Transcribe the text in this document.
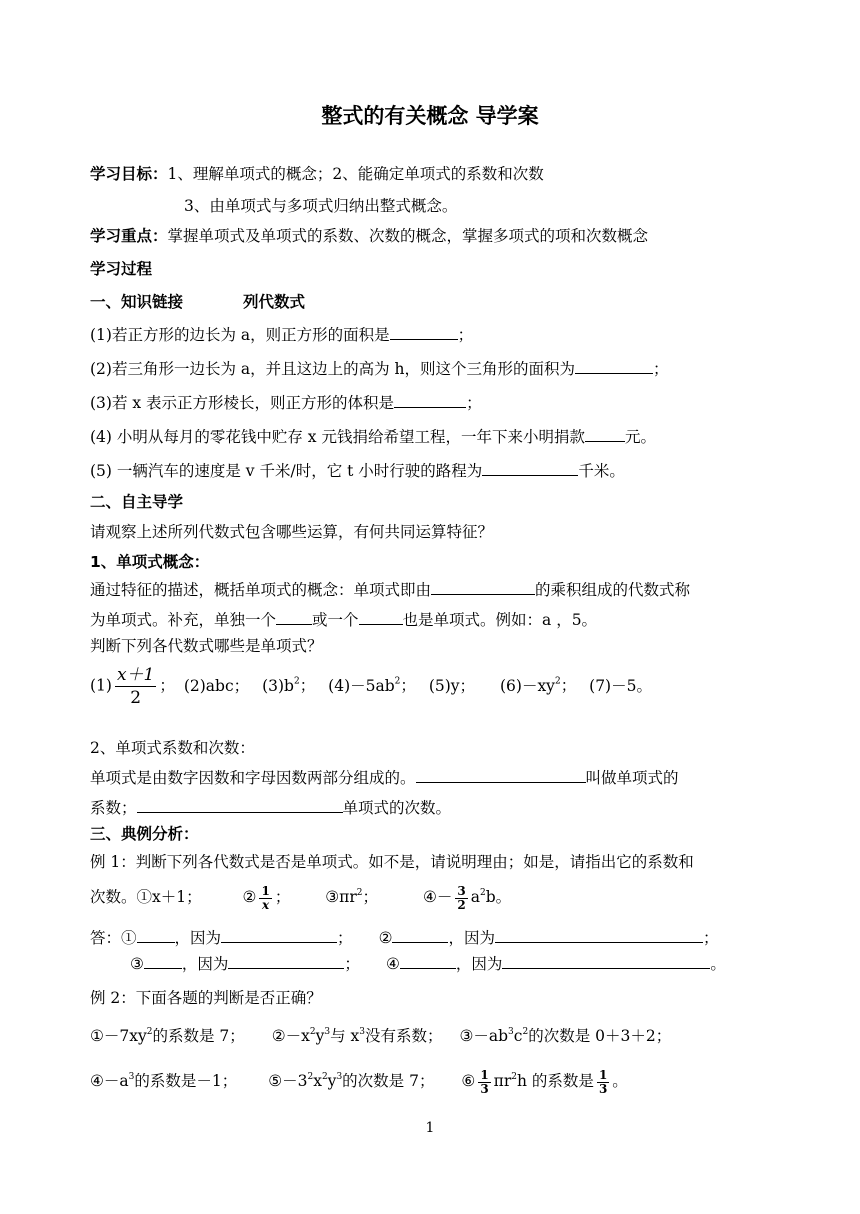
整式的有关概念 导学案
学习目标：1、理解单项式的概念；2、能确定单项式的系数和次数
3、由单项式与多项式归纳出整式概念。
学习重点：掌握单项式及单项式的系数、次数的概念，掌握多项式的项和次数概念
学习过程
一、知识链接	列代数式
(1)若正方形的边长为 a，则正方形的面积是	；
(2)若三角形一边长为 a，并且这边上的高为 h，则这个三角形的面积为	；
(3)若 x 表示正方形棱长，则正方形的体积是	；
(4) 小明从每月的零花钱中贮存 x 元钱捐给希望工程，一年下来小明捐款	元。
(5) 一辆汽车的速度是 v 千米/时，它 t 小时行驶的路程为	千米。
二、自主导学
请观察上述所列代数式包含哪些运算，有何共同运算特征？
1、单项式概念：
通过特征的描述，概括单项式的概念：单项式即由	的乘积组成的代数式称
为单项式。补充，单独一个 或一个	也是单项式。例如：a ，5。
判断下列各代数式哪些是单项式？
$(1) \frac{x+1}{2}$ ； (2)abc； $(3)b^2$； $(4)-5ab^2$； (5)y； $(6)-xy^2$； (7)－5。
2、单项式系数和次数：
单项式是由数字因数和字母因数两部分组成的。	叫做单项式的
系数；	单项式的次数。
三、典例分析：
例 1：判断下列各代数式是否是单项式。如不是，请说明理由；如是，请指出它的系数和
次数。①x＋1；	② $\frac{1}{x}$ ； $③\pi r^2$；	④－ $\frac{3}{2} a^2b$。
答：① ，因为	； ②	，因为	；
③ ，因为	； ④	，因为	。
例 2：下面各题的判断是否正确？
$①-7xy^2$的系数是 7； $②-x^2y^3$与 $x^3$没有系数； $③-ab^3c^2$的次数是 0＋3＋2；
$④-a^3$的系数是－1； $⑤-3^2x^2y^3$的次数是 7； ⑥ $\frac{1}{3} \pi r^2h$ 的系数是 $\frac{1}{3}$ 。
1
